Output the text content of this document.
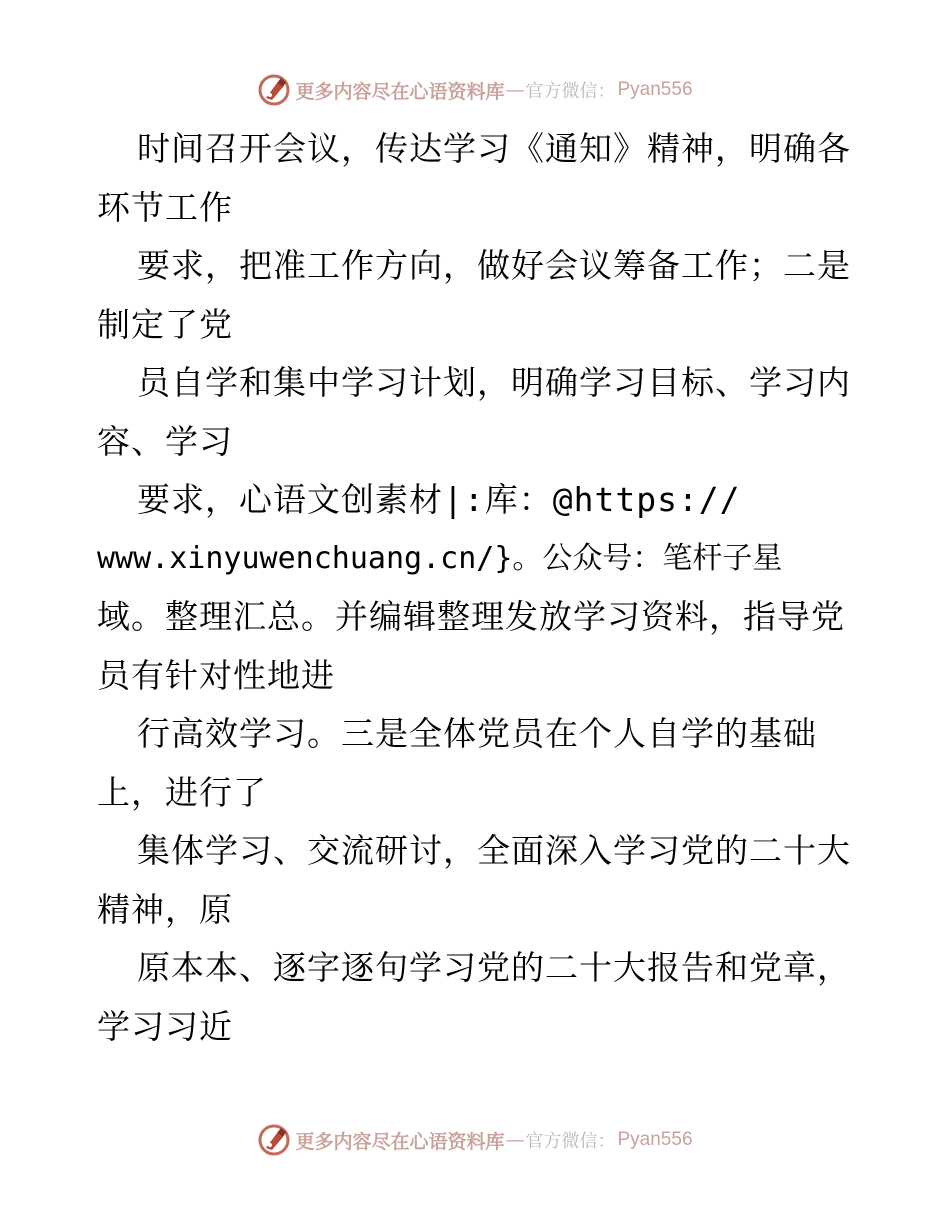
更多内容尽在心语资料库 — 官方微信： Pyan556
时间召开会议，传达学习《通知》精神，明确各
环节工作
要求，把准工作方向，做好会议筹备工作；二是
制定了党
员自学和集中学习计划，明确学习目标、学习内
容、学习
要求，心语文创素材|:库：@https://
www.xinyuwenchuang.cn/}。公众号：笔杆子星
域。整理汇总。并编辑整理发放学习资料，指导党
员有针对性地进
行高效学习。三是全体党员在个人自学的基础
上，进行了
集体学习、交流研讨，全面深入学习党的二十大
精神，原
原本本、逐字逐句学习党的二十大报告和党章，
学习习近
更多内容尽在心语资料库 — 官方微信： Pyan556
